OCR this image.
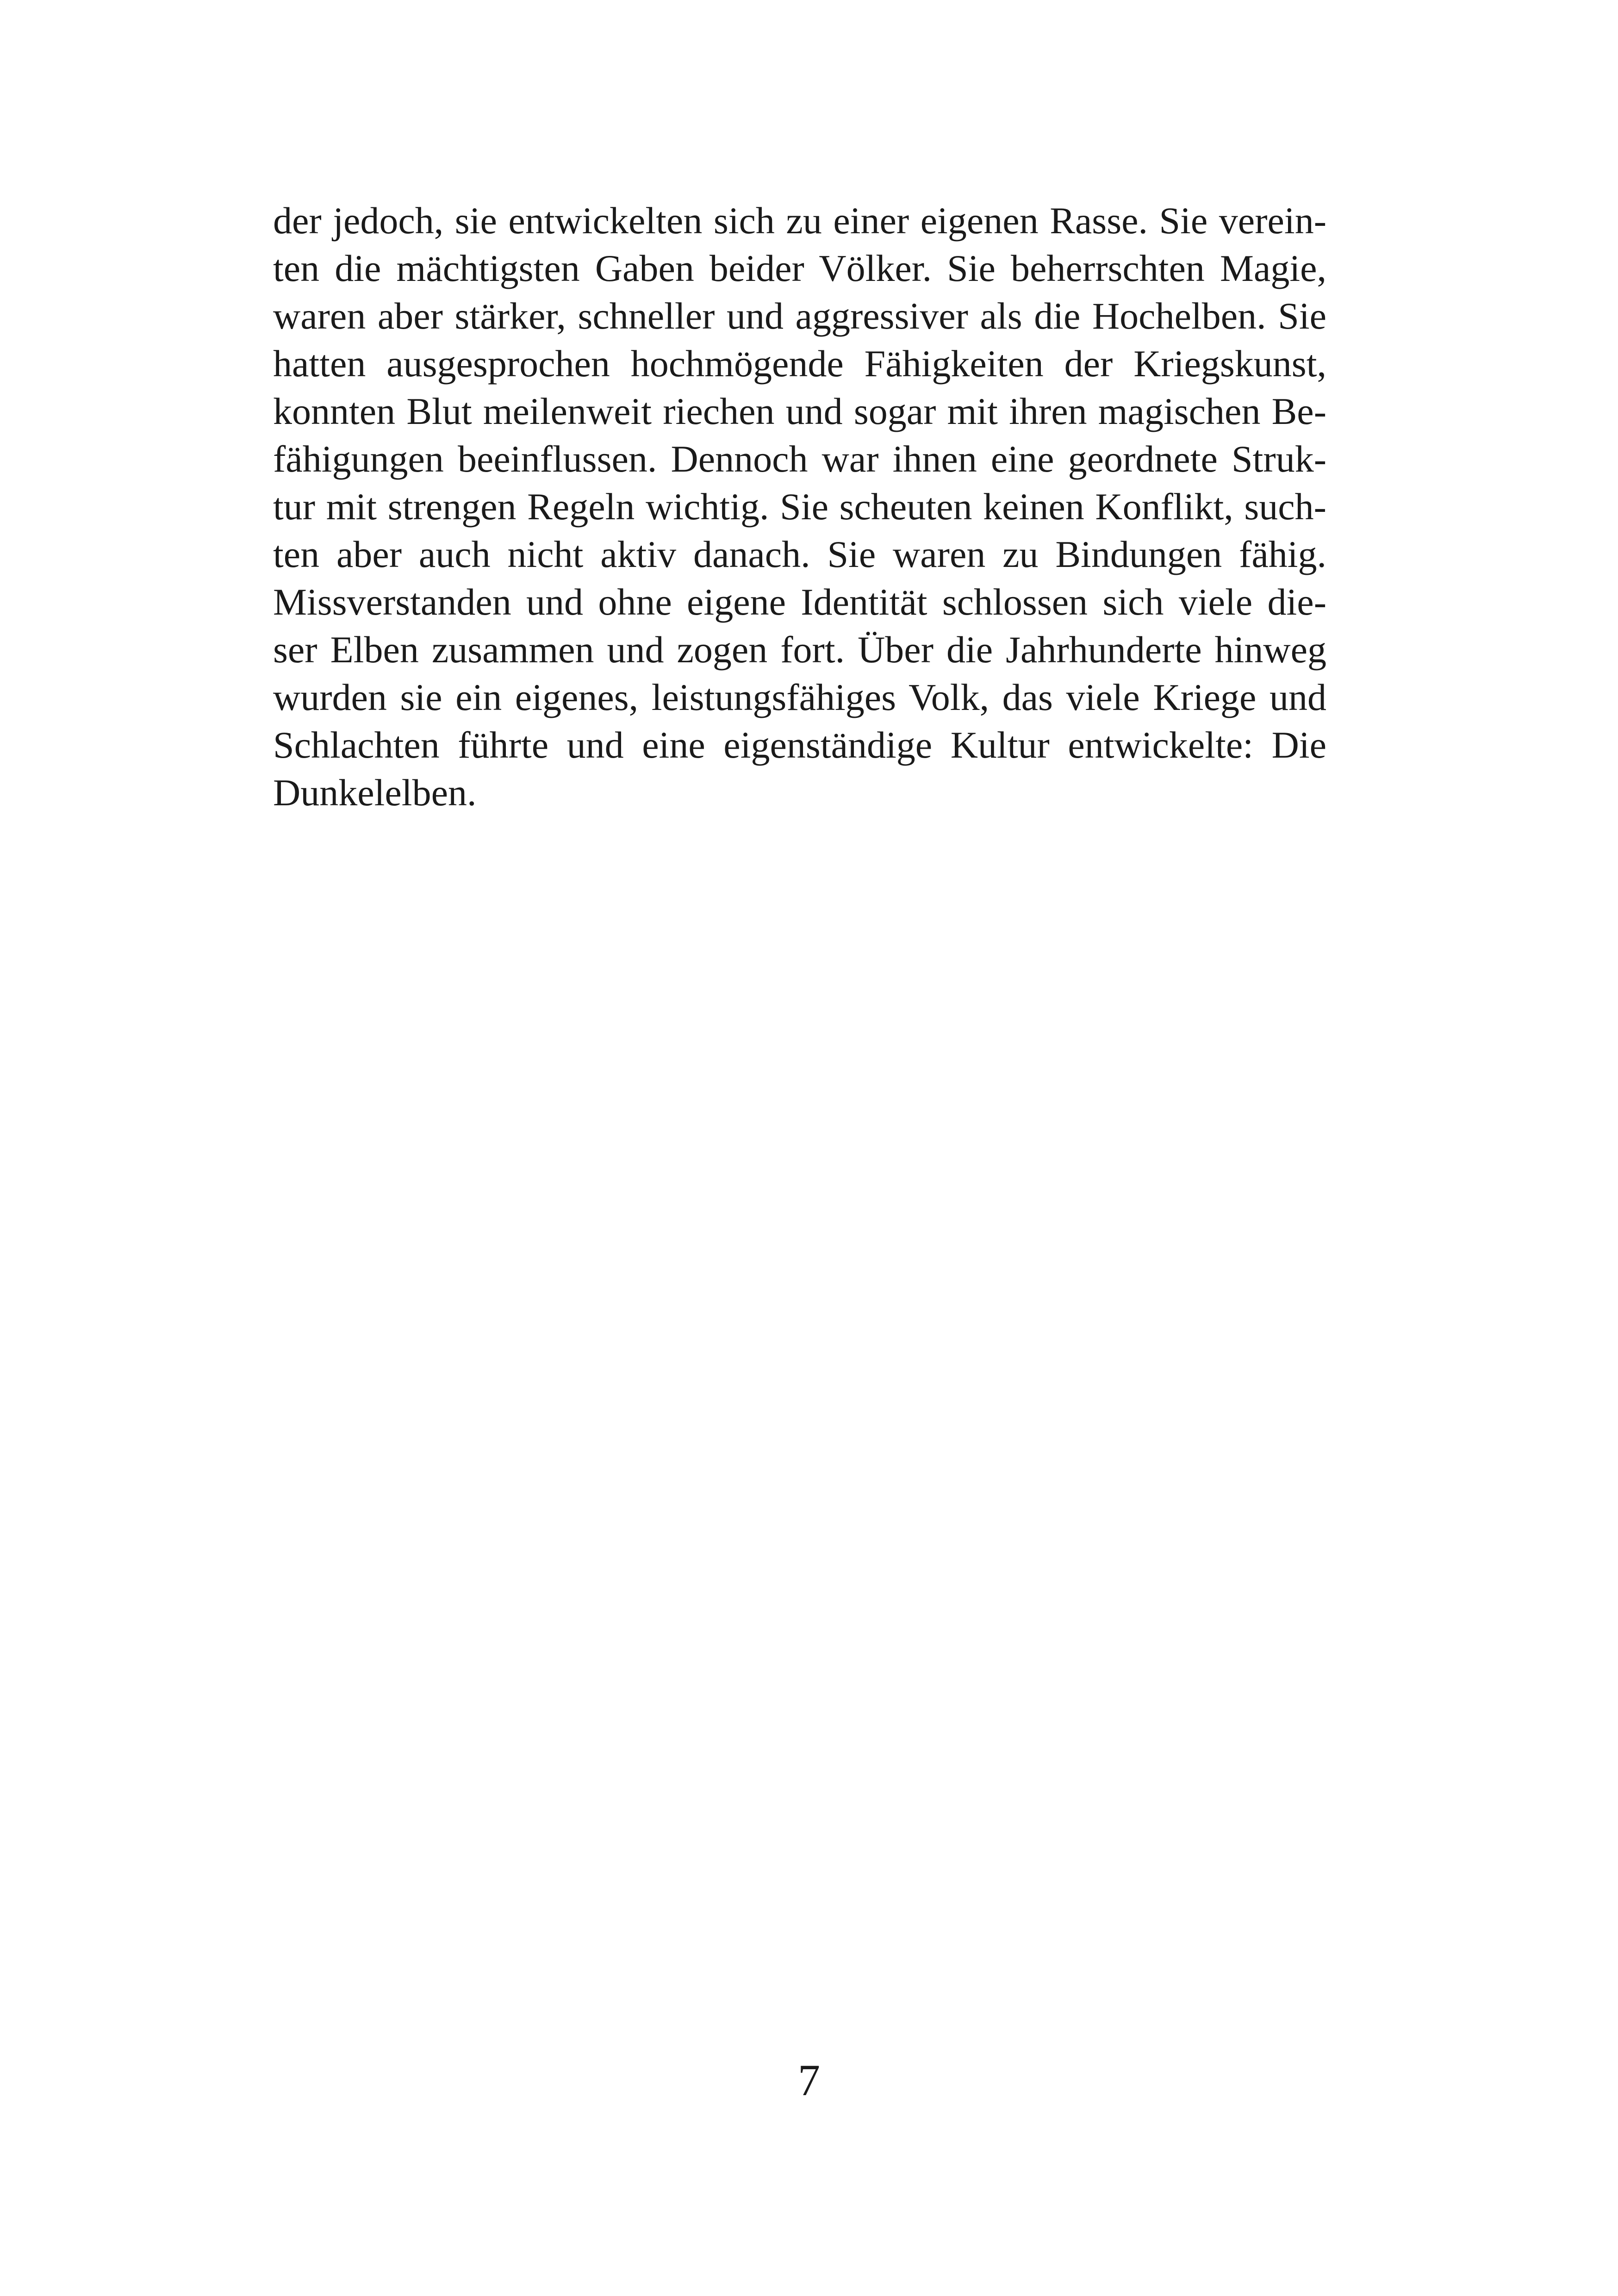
der jedoch, sie entwickelten sich zu einer eigenen Rasse. Sie verein-
ten die mächtigsten Gaben beider Völker. Sie beherrschten Magie,
waren aber stärker, schneller und aggressiver als die Hochelben. Sie
hatten ausgesprochen hochmögende Fähigkeiten der Kriegskunst,
konnten Blut meilenweit riechen und sogar mit ihren magischen Be-
fähigungen beeinflussen. Dennoch war ihnen eine geordnete Struk-
tur mit strengen Regeln wichtig. Sie scheuten keinen Konflikt, such-
ten aber auch nicht aktiv danach. Sie waren zu Bindungen fähig.
Missverstanden und ohne eigene Identität schlossen sich viele die-
ser Elben zusammen und zogen fort. Über die Jahrhunderte hinweg
wurden sie ein eigenes, leistungsfähiges Volk, das viele Kriege und
Schlachten führte und eine eigenständige Kultur entwickelte: Die
Dunkelelben.
7
